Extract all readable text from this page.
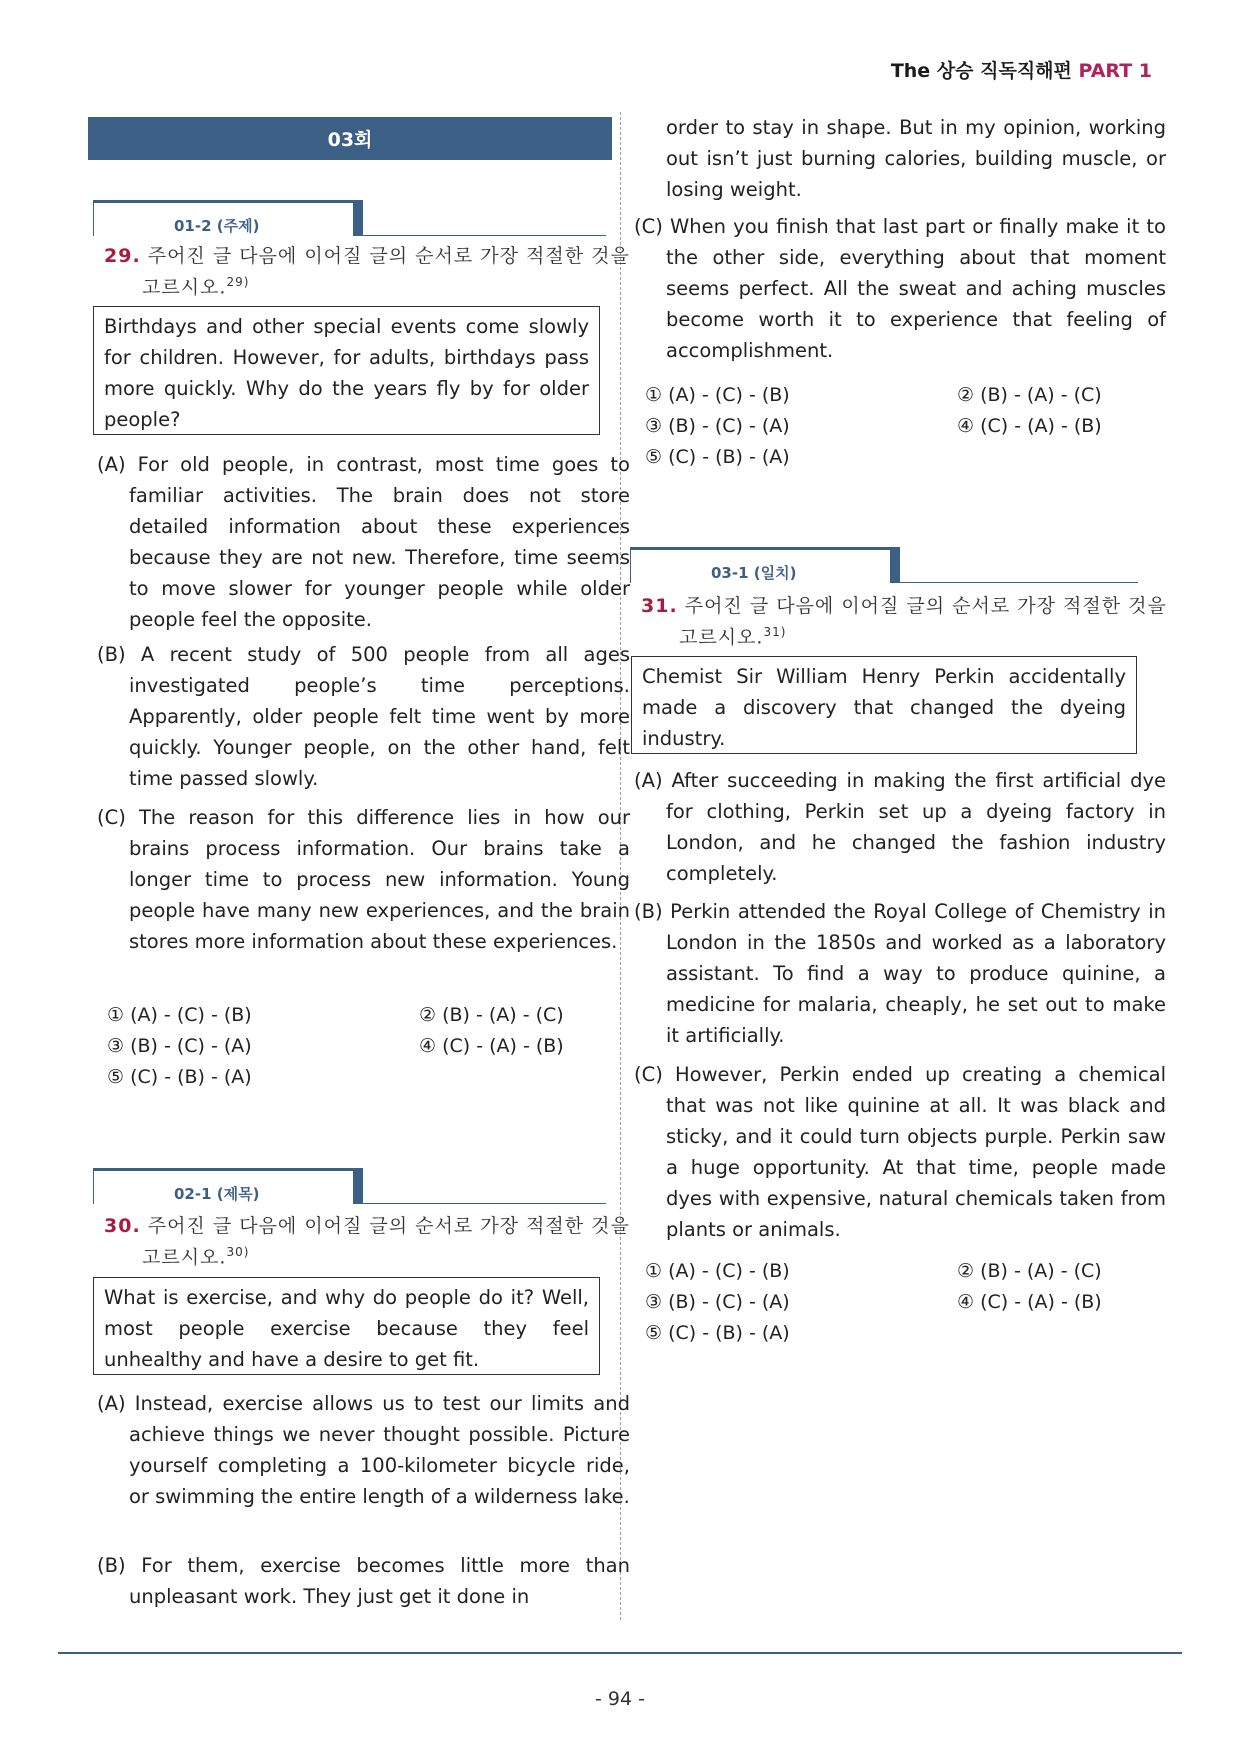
The 상승 직독직해편 PART 1
03회
01-2 (주제)
29. 주어진 글 다음에 이어질 글의 순서로 가장 적절한 것을 고르시오.$^{29)}$
Birthdays and other special events come slowly for children. However, for adults, birthdays pass more quickly. Why do the years fly by for older people?
(A) For old people, in contrast, most time goes to familiar activities. The brain does not store detailed information about these experiences because they are not new. Therefore, time seems to move slower for younger people while older people feel the opposite.
(B) A recent study of 500 people from all ages investigated people’s time perceptions. Apparently, older people felt time went by more quickly. Younger people, on the other hand, felt time passed slowly.
(C) The reason for this difference lies in how our brains process information. Our brains take a longer time to process new information. Young people have many new experiences, and the brain stores more information about these experiences.
① (A) - (C) - (B)	② (B) - (A) - (C)
③ (B) - (C) - (A)	④ (C) - (A) - (B)
⑤ (C) - (B) - (A)
02-1 (제목)
30. 주어진 글 다음에 이어질 글의 순서로 가장 적절한 것을 고르시오.$^{30)}$
What is exercise, and why do people do it? Well, most people exercise because they feel unhealthy and have a desire to get fit.
(A) Instead, exercise allows us to test our limits and achieve things we never thought possible. Picture yourself completing a 100-kilometer bicycle ride, or swimming the entire length of a wilderness lake.
(B) For them, exercise becomes little more than unpleasant work. They just get it done in
order to stay in shape. But in my opinion, working out isn’t just burning calories, building muscle, or losing weight.
(C) When you finish that last part or finally make it to the other side, everything about that moment seems perfect. All the sweat and aching muscles become worth it to experience that feeling of accomplishment.
① (A) - (C) - (B)	② (B) - (A) - (C)
③ (B) - (C) - (A)	④ (C) - (A) - (B)
⑤ (C) - (B) - (A)
03-1 (일치)
31. 주어진 글 다음에 이어질 글의 순서로 가장 적절한 것을 고르시오.$^{31)}$
Chemist Sir William Henry Perkin accidentally made a discovery that changed the dyeing industry.
(A) After succeeding in making the first artificial dye for clothing, Perkin set up a dyeing factory in London, and he changed the fashion industry completely.
(B) Perkin attended the Royal College of Chemistry in London in the 1850s and worked as a laboratory assistant. To find a way to produce quinine, a medicine for malaria, cheaply, he set out to make it artificially.
(C) However, Perkin ended up creating a chemical that was not like quinine at all. It was black and sticky, and it could turn objects purple. Perkin saw a huge opportunity. At that time, people made dyes with expensive, natural chemicals taken from plants or animals.
① (A) - (C) - (B)	② (B) - (A) - (C)
③ (B) - (C) - (A)	④ (C) - (A) - (B)
⑤ (C) - (B) - (A)
- 94 -
